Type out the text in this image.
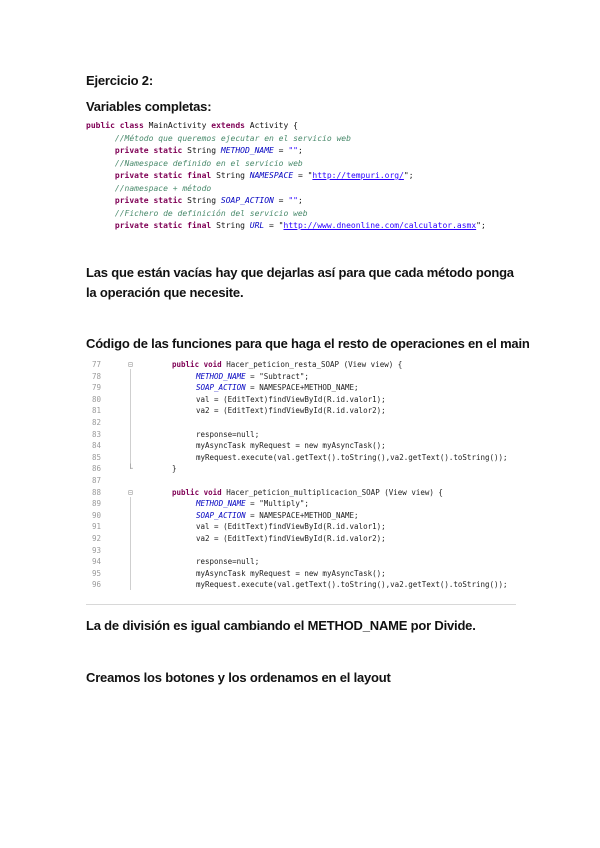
Ejercicio 2:
Variables completas:
public class MainActivity extends Activity {
//Método que queremos ejecutar en el servicio web
private static String METHOD_NAME = "";
//Namespace definido en el servicio web
private static final String NAMESPACE = "http://tempuri.org/";
//namespace + método
private static String SOAP_ACTION = "";
//Fichero de definición del servicio web
private static final String URL = "http://www.dneonline.com/calculator.asmx";
Las que están vacías hay que dejarlas así para que cada método ponga la operación que necesite.
Código de las funciones para que haga el resto de operaciones en el main
77	⊟	public void Hacer_peticion_resta_SOAP (View view) {
78	METHOD_NAME = "Subtract";
79	SOAP_ACTION = NAMESPACE+METHOD_NAME;
80	val = (EditText)findViewById(R.id.valor1);
81	va2 = (EditText)findViewById(R.id.valor2);
82
83	response=null;
84	myAsyncTask myRequest = new myAsyncTask();
85	myRequest.execute(val.getText().toString(),va2.getText().toString());
86	└	}
87
88	⊟	public void Hacer_peticion_multiplicacion_SOAP (View view) {
89	METHOD_NAME = "Multiply";
90	SOAP_ACTION = NAMESPACE+METHOD_NAME;
91	val = (EditText)findViewById(R.id.valor1);
92	va2 = (EditText)findViewById(R.id.valor2);
93
94	response=null;
95	myAsyncTask myRequest = new myAsyncTask();
96	myRequest.execute(val.getText().toString(),va2.getText().toString());
La de división es igual cambiando el METHOD_NAME por Divide.
Creamos los botones y los ordenamos en el layout
